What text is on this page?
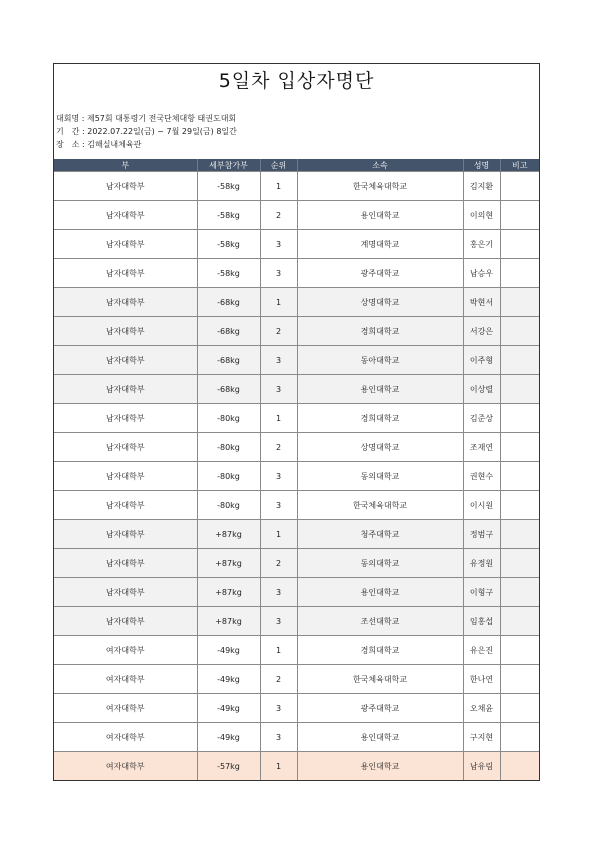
5일차 입상자명단
대회명 : 제57회 대통령기 전국단체대항 태권도대회
기　간 : 2022.07.22일(금) ~ 7월 29일(금) 8일간
장　소 : 김해실내체육관
부	세부참가부	순위	소속	성명	비고
남자대학부	-58kg	1	한국체육대학교	김지환	
남자대학부	-58kg	2	용인대학교	이의현	
남자대학부	-58kg	3	계명대학교	홍은기	
남자대학부	-58kg	3	광주대학교	남승우	
남자대학부	-68kg	1	상명대학교	박현서	
남자대학부	-68kg	2	경희대학교	서강은	
남자대학부	-68kg	3	동아대학교	이주형	
남자대학부	-68kg	3	용인대학교	이상렬	
남자대학부	-80kg	1	경희대학교	김준상	
남자대학부	-80kg	2	상명대학교	조재연	
남자대학부	-80kg	3	동의대학교	권현수	
남자대학부	-80kg	3	한국체육대학교	이시원	
남자대학부	+87kg	1	청주대학교	정범구	
남자대학부	+87kg	2	동의대학교	유정원	
남자대학부	+87kg	3	용인대학교	이형구	
남자대학부	+87kg	3	조선대학교	임홍섭	
여자대학부	-49kg	1	경희대학교	유은진	
여자대학부	-49kg	2	한국체육대학교	한나연	
여자대학부	-49kg	3	광주대학교	오채윤	
여자대학부	-49kg	3	용인대학교	구지현	
여자대학부	-57kg	1	용인대학교	남유림	
